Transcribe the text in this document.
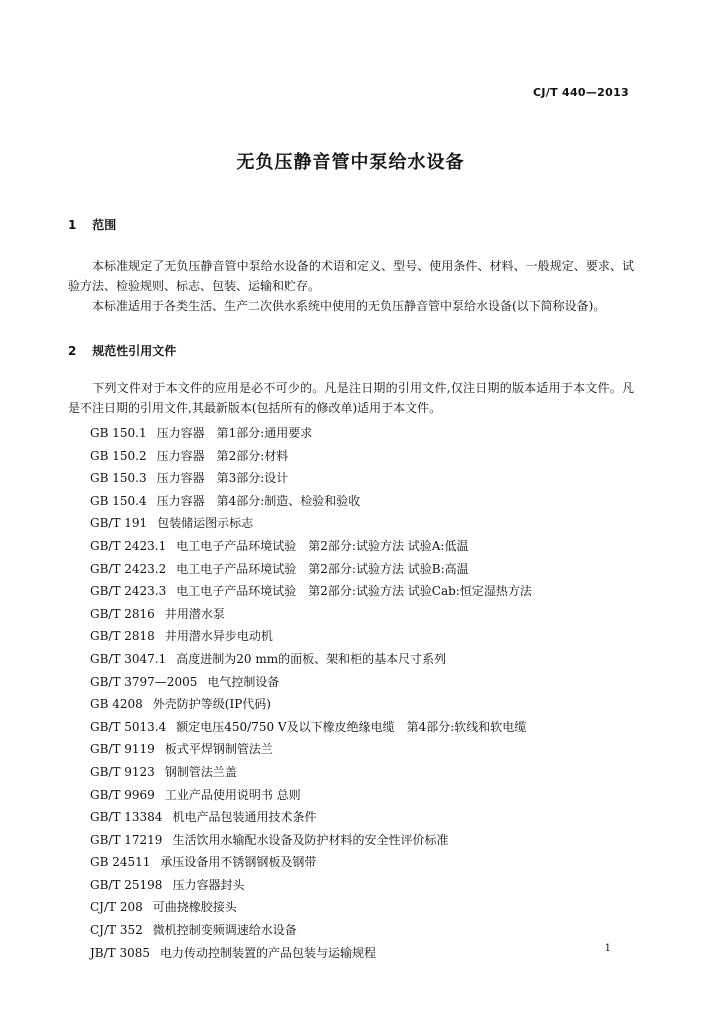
CJ/T 440—2013
无负压静音管中泵给水设备
1 范围
本标准规定了无负压静音管中泵给水设备的术语和定义、型号、使用条件、材料、一般规定、要求、试验方法、检验规则、标志、包装、运输和贮存。
本标准适用于各类生活、生产二次供水系统中使用的无负压静音管中泵给水设备(以下简称设备)。
2 规范性引用文件
下列文件对于本文件的应用是必不可少的。凡是注日期的引用文件,仅注日期的版本适用于本文件。凡是不注日期的引用文件,其最新版本(包括所有的修改单)适用于本文件。
GB 150.1 压力容器　第1部分:通用要求
GB 150.2 压力容器　第2部分:材料
GB 150.3 压力容器　第3部分:设计
GB 150.4 压力容器　第4部分:制造、检验和验收
GB/T 191 包装储运图示标志
GB/T 2423.1 电工电子产品环境试验　第2部分:试验方法 试验A:低温
GB/T 2423.2 电工电子产品环境试验　第2部分:试验方法 试验B:高温
GB/T 2423.3 电工电子产品环境试验　第2部分:试验方法 试验Cab:恒定湿热方法
GB/T 2816 井用潜水泵
GB/T 2818 井用潜水异步电动机
GB/T 3047.1 高度进制为20 mm的面板、架和柜的基本尺寸系列
GB/T 3797—2005 电气控制设备
GB 4208 外壳防护等级(IP代码)
GB/T 5013.4 额定电压450/750 V及以下橡皮绝缘电缆　第4部分:软线和软电缆
GB/T 9119 板式平焊钢制管法兰
GB/T 9123 钢制管法兰盖
GB/T 9969 工业产品使用说明书 总则
GB/T 13384 机电产品包装通用技术条件
GB/T 17219 生活饮用水输配水设备及防护材料的安全性评价标准
GB 24511 承压设备用不锈钢钢板及钢带
GB/T 25198 压力容器封头
CJ/T 208 可曲挠橡胶接头
CJ/T 352 微机控制变频调速给水设备
JB/T 3085 电力传动控制装置的产品包装与运输规程	1
